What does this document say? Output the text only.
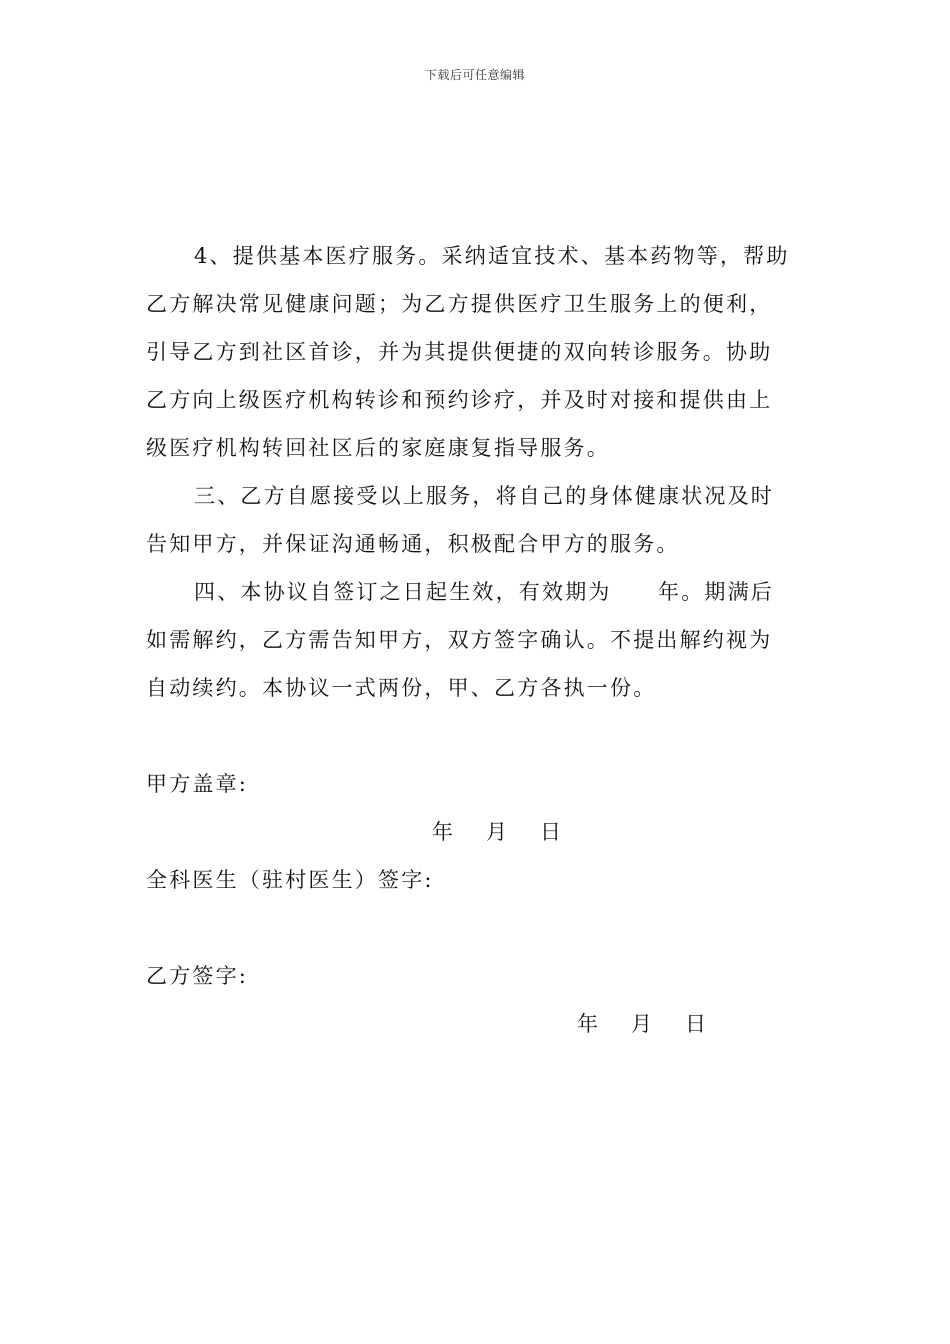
下载后可任意编辑
4、提供基本医疗服务。采纳适宜技术、基本药物等，帮助
乙方解决常见健康问题；为乙方提供医疗卫生服务上的便利，
引导乙方到社区首诊，并为其提供便捷的双向转诊服务。协助
乙方向上级医疗机构转诊和预约诊疗，并及时对接和提供由上
级医疗机构转回社区后的家庭康复指导服务。
三、乙方自愿接受以上服务，将自己的身体健康状况及时
告知甲方，并保证沟通畅通，积极配合甲方的服务。
四、本协议自签订之日起生效，有效期为　　年。期满后
如需解约，乙方需告知甲方，双方签字确认。不提出解约视为
自动续约。本协议一式两份，甲、乙方各执一份。
甲方盖章:
年　月　日
全科医生（驻村医生）签字:
乙方签字:
年　月　日
